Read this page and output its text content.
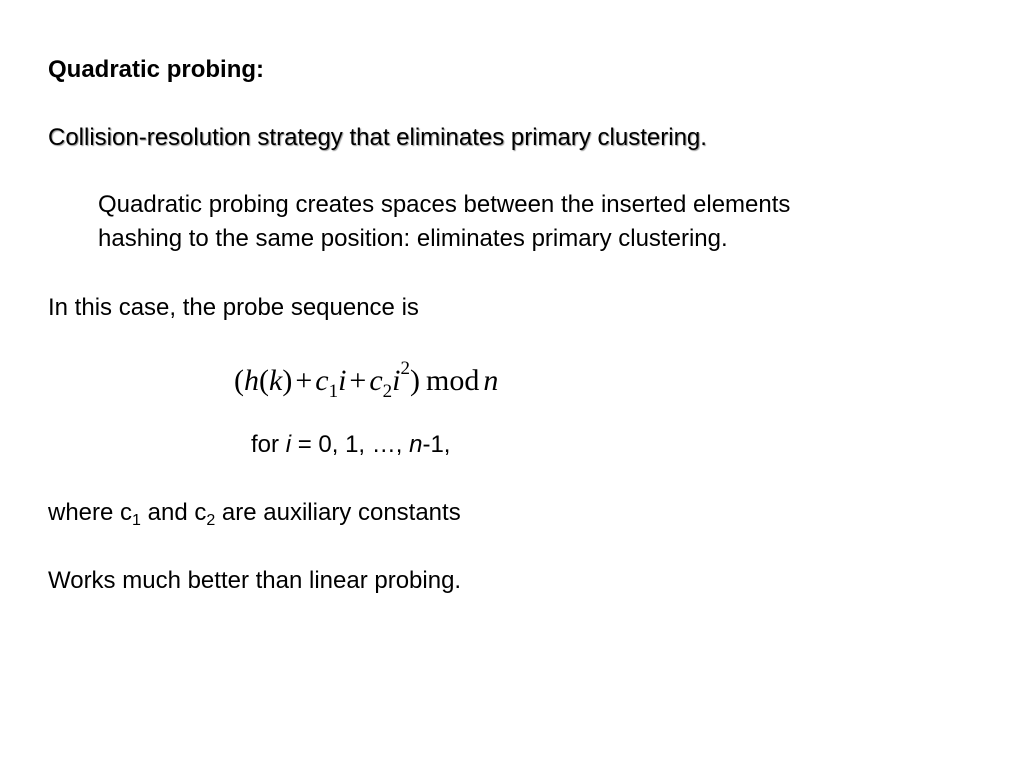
Quadratic probing:
Collision-resolution strategy that eliminates primary clustering.
Quadratic probing creates spaces between the inserted elements
hashing to the same position: eliminates primary clustering.
In this case, the probe sequence is
$(h(k) + c_1i + c_2i^2)$ mod n
for i = 0, 1, …, n-1,
where $c_1$ and $c_2$ are auxiliary constants
Works much better than linear probing.
